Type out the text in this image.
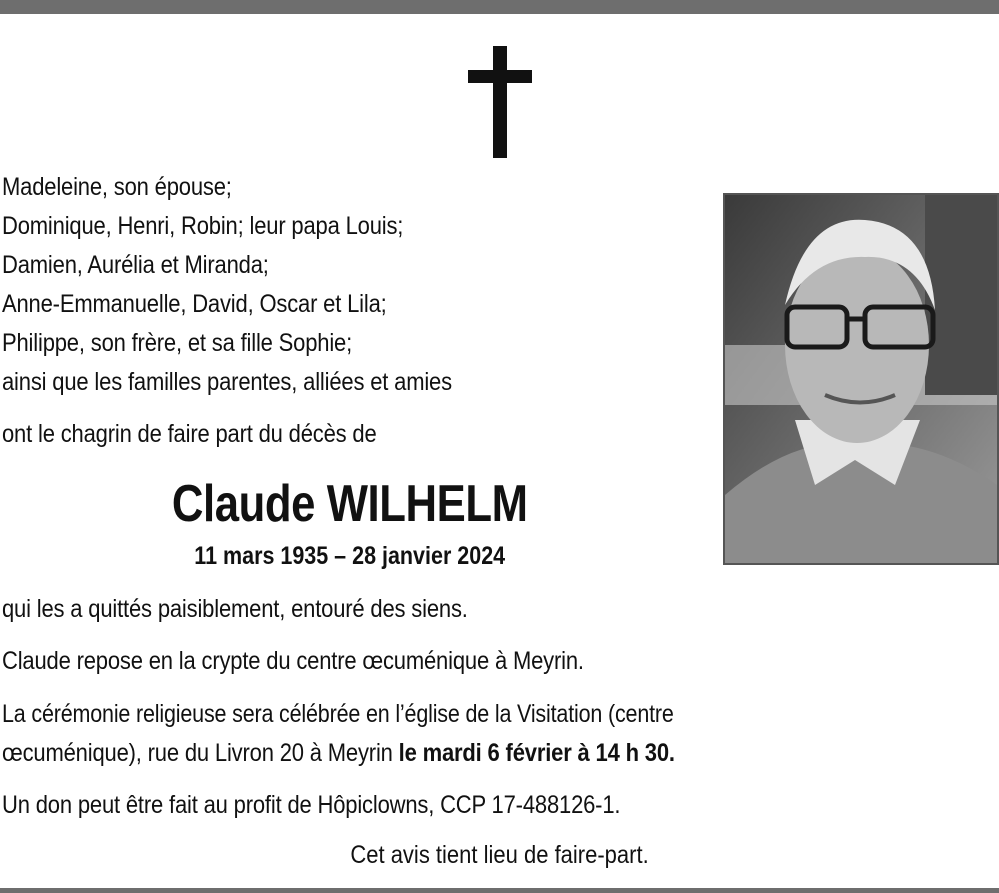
Madeleine, son épouse;

Dominique, Henri, Robin; leur papa Louis;

Damien, Aurélia et Miranda;

Anne-Emmanuelle, David, Oscar et Lila;

Philippe, son frère, et sa fille Sophie;

ainsi que les familles parentes, alliées et amies

ont le chagrin de faire part du décès de

Claude WILHELM
11 mars 1935 – 28 janvier 2024

qui les a quittés paisiblement, entouré des siens.

Claude repose en la crypte du centre œcuménique à Meyrin.

La cérémonie religieuse sera célébrée en l’église de la Visitation (centre

œcuménique), rue du Livron 20 à Meyrin le mardi 6 février à 14 h 30.

Un don peut être fait au profit de Hôpiclowns, CCP 17-488126-1.

Cet avis tient lieu de faire-part.
